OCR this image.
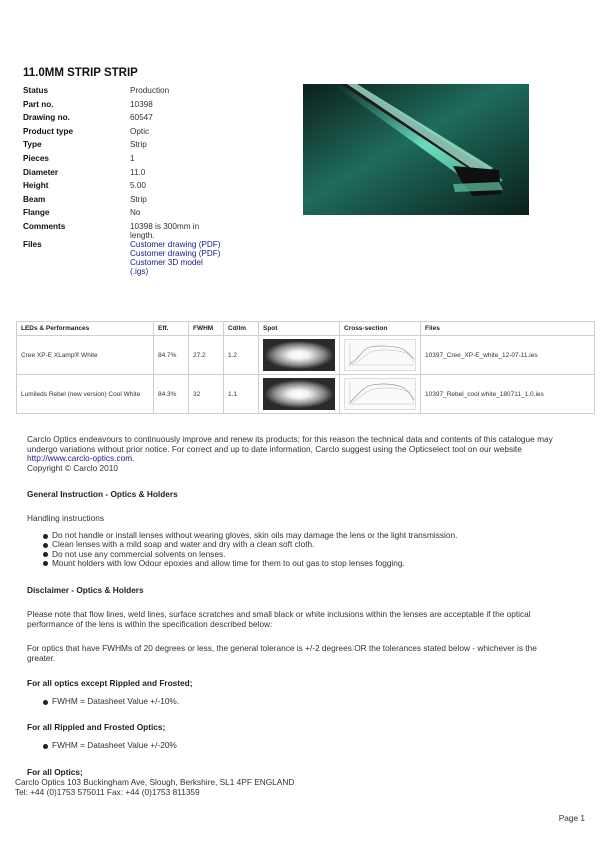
11.0MM STRIP STRIP
Status	Production
Part no.	10398
Drawing no.	60547
Product type	Optic
Type	Strip
Pieces	1
Diameter	11.0
Height	5.00
Beam	Strip
Flange	No
Comments	10398 is 300mm in length.
Files	Customer drawing (PDF)
Customer drawing (PDF)
Customer 3D model (.igs)
LEDs & Performances	Eff.	FWHM	Cd/lm	Spot	Cross-section	Files
Cree XP-E XLamp® White	84.7%	27.2	1.2			10397_Cree_XP-E_white_12-07-11.ies
Lumileds Rebel (new version) Cool White	84.3%	32	1.1			10397_Rebel_cool white_180711_1.0.ies

Carclo Optics endeavours to continuously improve and renew its products; for this reason the technical data and contents of this catalogue may undergo variations without prior notice. For correct and up to date information, Carclo suggest using the Opticselect tool on our website
http://www.carclo-optics.com.
Copyright © Carclo 2010

General Instruction - Optics & Holders

Handling instructions

Do not handle or install lenses without wearing gloves, skin oils may damage the lens or the light transmission.
Clean lenses with a mild soap and water and dry with a clean soft cloth.
Do not use any commercial solvents on lenses.
Mount holders with low Odour epoxies and allow time for them to out gas to stop lenses fogging.

Disclaimer - Optics & Holders

Please note that flow lines, weld lines, surface scratches and small black or white inclusions within the lenses are acceptable if the optical performance of the lens is within the specification described below:

For optics that have FWHMs of 20 degrees or less, the general tolerance is +/-2 degrees OR the tolerances stated below - whichever is the greater.

For all optics except Rippled and Frosted;

FWHM = Datasheet Value +/-10%.

For all Rippled and Frosted Optics;

FWHM = Datasheet Value +/-20%

For all Optics;

Carclo Optics 103 Buckingham Ave, Slough, Berkshire, SL1 4PF ENGLAND
Tel: +44 (0)1753 575011 Fax: +44 (0)1753 811359
Page 1
